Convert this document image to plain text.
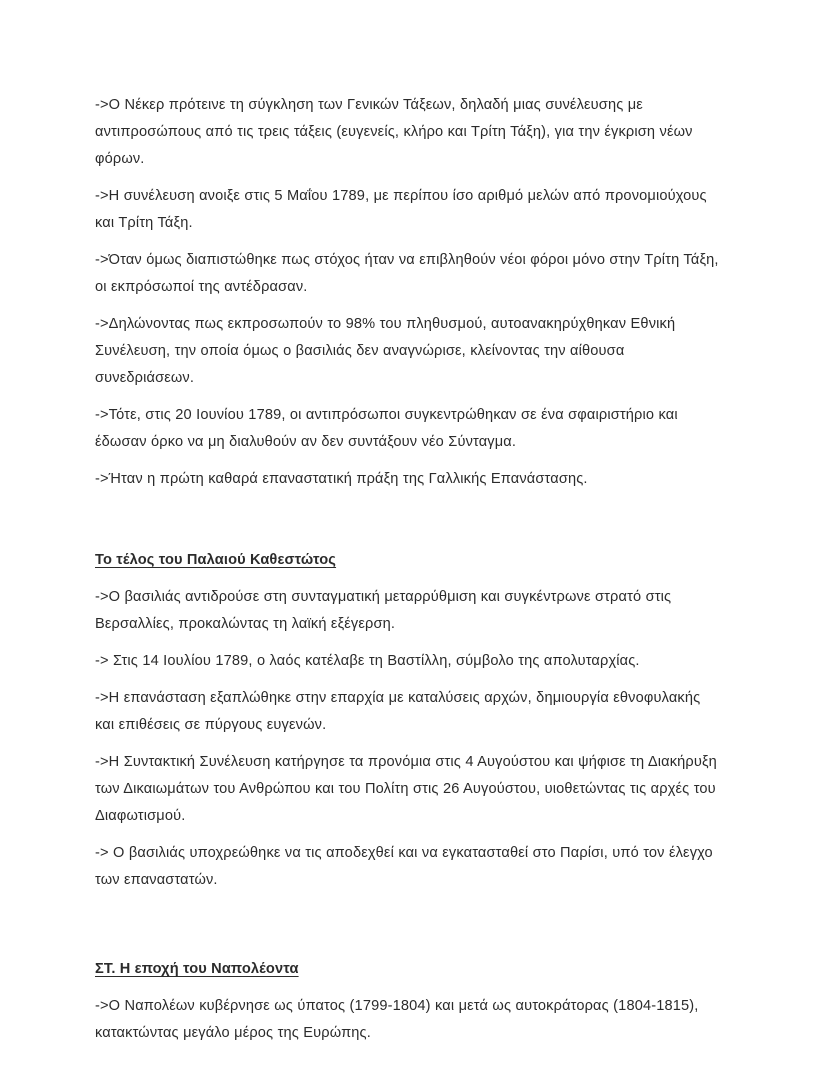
->Ο Νέκερ πρότεινε τη σύγκληση των Γενικών Τάξεων, δηλαδή μιας συνέλευσης με αντιπροσώπους από τις τρεις τάξεις (ευγενείς, κλήρο και Τρίτη Τάξη), για την έγκριση νέων φόρων.

->Η συνέλευση ανοιξε στις 5 Μαΐου 1789, με περίπου ίσο αριθμό μελών από προνομιούχους και Τρίτη Τάξη.

->Όταν όμως διαπιστώθηκε πως στόχος ήταν να επιβληθούν νέοι φόροι μόνο στην Τρίτη Τάξη, οι εκπρόσωποί της αντέδρασαν.

->Δηλώνοντας πως εκπροσωπούν το 98% του πληθυσμού, αυτοανακηρύχθηκαν Εθνική Συνέλευση, την οποία όμως ο βασιλιάς δεν αναγνώρισε, κλείνοντας την αίθουσα συνεδριάσεων.

->Τότε, στις 20 Ιουνίου 1789, οι αντιπρόσωποι συγκεντρώθηκαν σε ένα σφαιριστήριο και έδωσαν όρκο να μη διαλυθούν αν δεν συντάξουν νέο Σύνταγμα.

->Ήταν η πρώτη καθαρά επαναστατική πράξη της Γαλλικής Επανάστασης.

Το τέλος του Παλαιού Καθεστώτος

->Ο βασιλιάς αντιδρούσε στη συνταγματική μεταρρύθμιση και συγκέντρωνε στρατό στις Βερσαλλίες, προκαλώντας τη λαϊκή εξέγερση.

-> Στις 14 Ιουλίου 1789, ο λαός κατέλαβε τη Βαστίλλη, σύμβολο της απολυταρχίας.

->Η επανάσταση εξαπλώθηκε στην επαρχία με καταλύσεις αρχών, δημιουργία εθνοφυλακής και επιθέσεις σε πύργους ευγενών.

->Η Συντακτική Συνέλευση κατήργησε τα προνόμια στις 4 Αυγούστου και ψήφισε τη Διακήρυξη των Δικαιωμάτων του Ανθρώπου και του Πολίτη στις 26 Αυγούστου, υιοθετώντας τις αρχές του Διαφωτισμού.

-> Ο βασιλιάς υποχρεώθηκε να τις αποδεχθεί και να εγκατασταθεί στο Παρίσι, υπό τον έλεγχο των επαναστατών.

ΣΤ. Η εποχή του Ναπολέοντα

->Ο Ναπολέων κυβέρνησε ως ύπατος (1799-1804) και μετά ως αυτοκράτορας (1804-1815), κατακτώντας μεγάλο μέρος της Ευρώπης.
